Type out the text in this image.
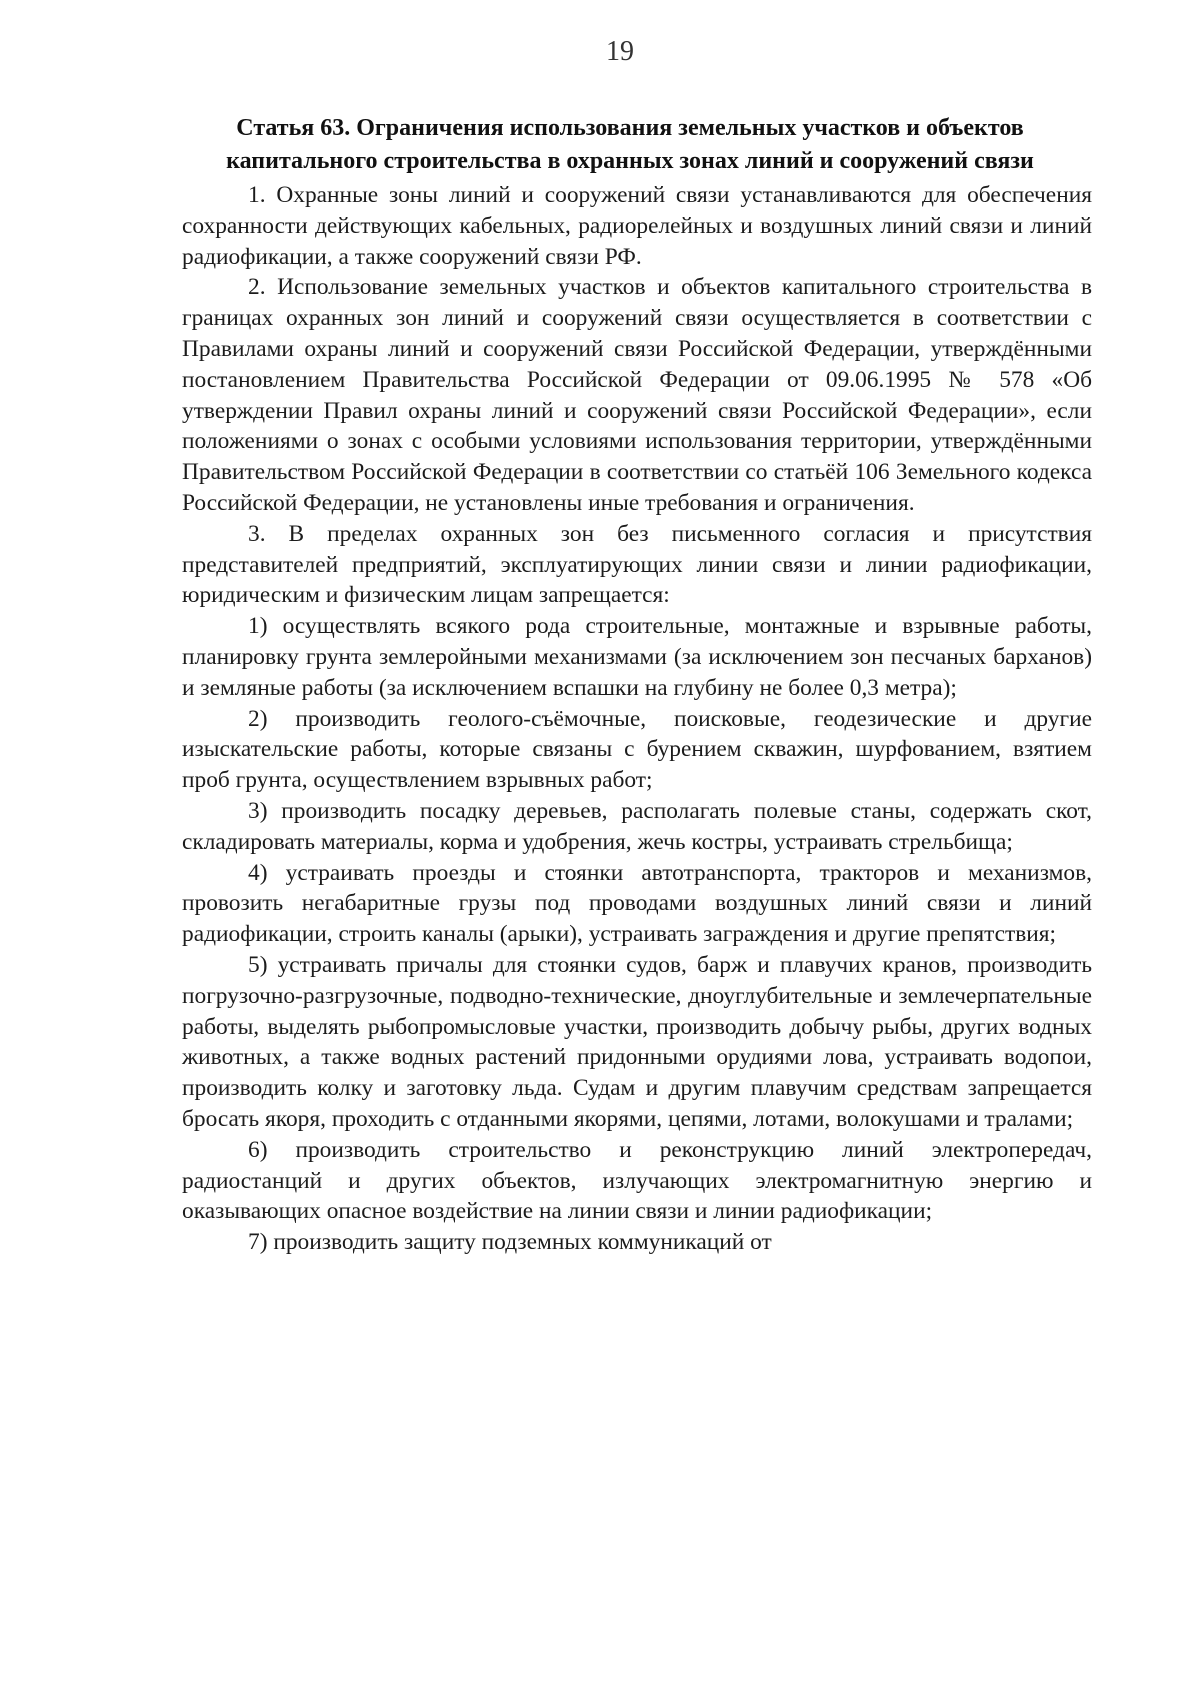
19
Статья 63. Ограничения использования земельных участков и объектов капитального строительства в охранных зонах линий и сооружений связи

1. Охранные зоны линий и сооружений связи устанавливаются для обеспечения сохранности действующих кабельных, радиорелейных и воздушных линий связи и линий радиофикации, а также сооружений связи РФ.

2. Использование земельных участков и объектов капитального строительства в границах охранных зон линий и сооружений связи осуществляется в соответствии с Правилами охраны линий и сооружений связи Российской Федерации, утверждёнными постановлением Правительства Российской Федерации от 09.06.1995 № 578 «Об утверждении Правил охраны линий и сооружений связи Российской Федерации», если положениями о зонах с особыми условиями использования территории, утверждёнными Правительством Российской Федерации в соответствии со статьёй 106 Земельного кодекса Российской Федерации, не установлены иные требования и ограничения.

3. В пределах охранных зон без письменного согласия и присутствия представителей предприятий, эксплуатирующих линии связи и линии радиофикации, юридическим и физическим лицам запрещается:

1) осуществлять всякого рода строительные, монтажные и взрывные работы, планировку грунта землеройными механизмами (за исключением зон песчаных барханов) и земляные работы (за исключением вспашки на глубину не более 0,3 метра);

2) производить геолого-съёмочные, поисковые, геодезические и другие изыскательские работы, которые связаны с бурением скважин, шурфованием, взятием проб грунта, осуществлением взрывных работ;

3) производить посадку деревьев, располагать полевые станы, содержать скот, складировать материалы, корма и удобрения, жечь костры, устраивать стрельбища;

4) устраивать проезды и стоянки автотранспорта, тракторов и механизмов, провозить негабаритные грузы под проводами воздушных линий связи и линий радиофикации, строить каналы (арыки), устраивать заграждения и другие препятствия;

5) устраивать причалы для стоянки судов, барж и плавучих кранов, производить погрузочно-разгрузочные, подводно-технические, дноуглубительные и землечерпательные работы, выделять рыбопромысловые участки, производить добычу рыбы, других водных животных, а также водных растений придонными орудиями лова, устраивать водопои, производить колку и заготовку льда. Судам и другим плавучим средствам запрещается бросать якоря, проходить с отданными якорями, цепями, лотами, волокушами и тралами;

6) производить строительство и реконструкцию линий электропередач, радиостанций и других объектов, излучающих электромагнитную энергию и оказывающих опасное воздействие на линии связи и линии радиофикации;

7) производить защиту подземных коммуникаций от
